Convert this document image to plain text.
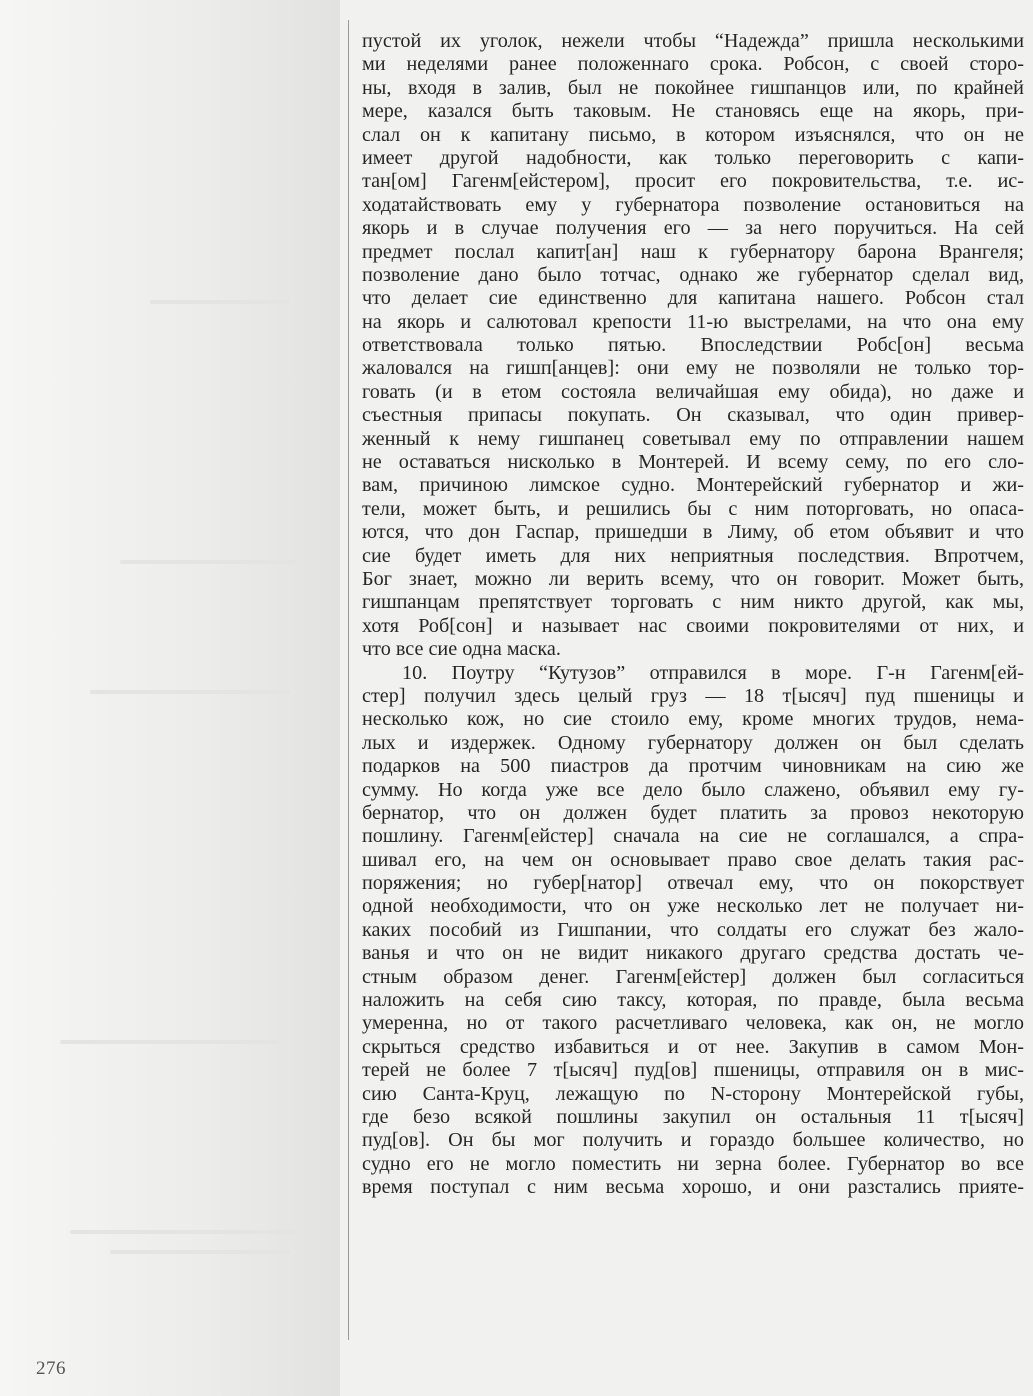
пустой их уголок, нежели чтобы “Надежда” пришла несколькими
ми неделями ранее положеннаго срока. Робсон, с своей сторо-
ны, входя в залив, был не покойнее гишпанцов или, по крайней
мере, казался быть таковым. Не становясь еще на якорь, при-
слал он к капитану письмо, в котором изъяснялся, что он не
имеет другой надобности, как только переговорить с капи-
тан[ом] Гагенм[ейстером], просит его покровительства, т.е. ис-
ходатайствовать ему у губернатора позволение остановиться на
якорь и в случае получения его — за него поручиться. На сей
предмет послал капит[ан] наш к губернатору барона Врангеля;
позволение дано было тотчас, однако же губернатор сделал вид,
что делает сие единственно для капитана нашего. Робсон стал
на якорь и салютовал крепости 11-ю выстрелами, на что она ему
ответствовала только пятью. Впоследствии Робс[он] весьма
жаловался на гишп[анцев]: они ему не позволяли не только тор-
говать (и в етом состояла величайшая ему обида), но даже и
съестныя припасы покупать. Он сказывал, что один привер-
женный к нему гишпанец советывал ему по отправлении нашем
не оставаться нисколько в Монтерей. И всему сему, по его сло-
вам, причиною лимское судно. Монтерейский губернатор и жи-
тели, может быть, и решились бы с ним поторговать, но опаса-
ются, что дон Гаспар, пришедши в Лиму, об етом объявит и что
сие будет иметь для них неприятныя последствия. Впротчем,
Бог знает, можно ли верить всему, что он говорит. Может быть,
гишпанцам препятствует торговать с ним никто другой, как мы,
хотя Роб[сон] и называет нас своими покровителями от них, и
что все сие одна маска.
10. Поутру “Кутузов” отправился в море. Г-н Гагенм[ей-
стер] получил здесь целый груз — 18 т[ысяч] пуд пшеницы и
несколько кож, но сие стоило ему, кроме многих трудов, нема-
лых и издержек. Одному губернатору должен он был сделать
подарков на 500 пиастров да протчим чиновникам на сию же
сумму. Но когда уже все дело было слажено, объявил ему гу-
бернатор, что он должен будет платить за провоз некоторую
пошлину. Гагенм[ейстер] сначала на сие не соглашался, а спра-
шивал его, на чем он основывает право свое делать такия рас-
поряжения; но губер[натор] отвечал ему, что он покорствует
одной необходимости, что он уже несколько лет не получает ни-
каких пособий из Гишпании, что солдаты его служат без жало-
ванья и что он не видит никакого другаго средства достать че-
стным образом денег. Гагенм[ейстер] должен был согласиться
наложить на себя сию таксу, которая, по правде, была весьма
умеренна, но от такого расчетливаго человека, как он, не могло
скрыться средство избавиться и от нее. Закупив в самом Мон-
терей не более 7 т[ысяч] пуд[ов] пшеницы, отправиля он в мис-
сию Санта-Круц, лежащую по N-сторону Монтерейской губы,
где безо всякой пошлины закупил он остальныя 11 т[ысяч]
пуд[ов]. Он бы мог получить и гораздо большее количество, но
судно его не могло поместить ни зерна более. Губернатор во все
время поступал с ним весьма хорошо, и они разстались прияте-
276
